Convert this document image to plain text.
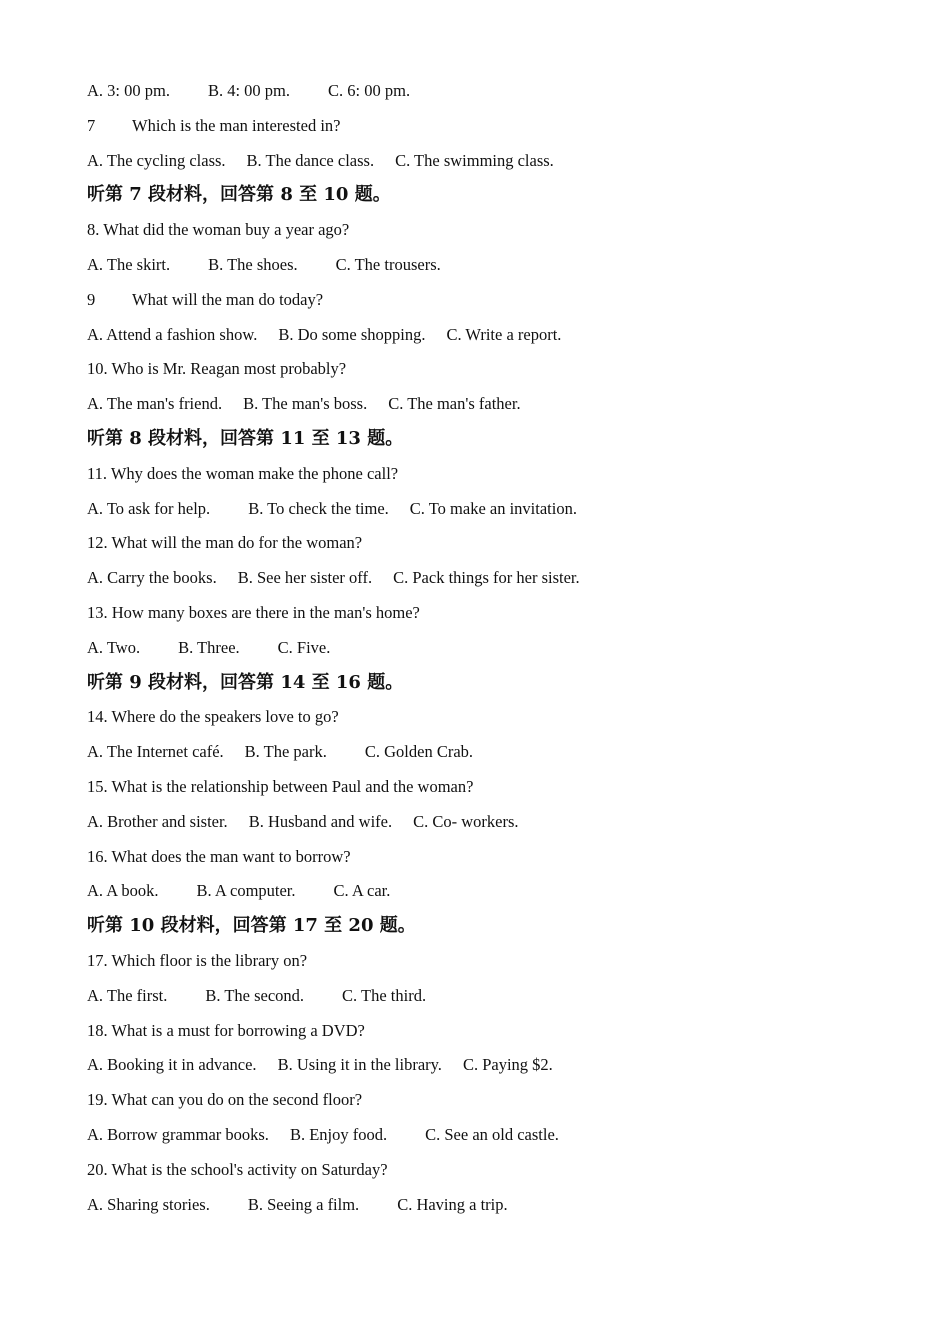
A. 3: 00 pm. B. 4: 00 pm. C. 6: 00 pm.
7 Which is the man interested in?
A. The cycling class. B. The dance class. C. The swimming class.
听第 7 段材料，回答第 8 至 10 题。
8. What did the woman buy a year ago?
A. The skirt. B. The shoes. C. The trousers.
9 What will the man do today?
A. Attend a fashion show. B. Do some shopping. C. Write a report.
10. Who is Mr. Reagan most probably?
A. The man's friend. B. The man's boss. C. The man's father.
听第 8 段材料，回答第 11 至 13 题。
11. Why does the woman make the phone call?
A. To ask for help. B. To check the time. C. To make an invitation.
12. What will the man do for the woman?
A. Carry the books. B. See her sister off. C. Pack things for her sister.
13. How many boxes are there in the man's home?
A. Two. B. Three. C. Five.
听第 9 段材料，回答第 14 至 16 题。
14. Where do the speakers love to go?
A. The Internet café. B. The park. C. Golden Crab.
15. What is the relationship between Paul and the woman?
A. Brother and sister. B. Husband and wife. C. Co- workers.
16. What does the man want to borrow?
A. A book. B. A computer. C. A car.
听第 10 段材料，回答第 17 至 20 题。
17. Which floor is the library on?
A. The first. B. The second. C. The third.
18. What is a must for borrowing a DVD?
A. Booking it in advance. B. Using it in the library. C. Paying $2.
19. What can you do on the second floor?
A. Borrow grammar books. B. Enjoy food. C. See an old castle.
20. What is the school's activity on Saturday?
A. Sharing stories. B. Seeing a film. C. Having a trip.
